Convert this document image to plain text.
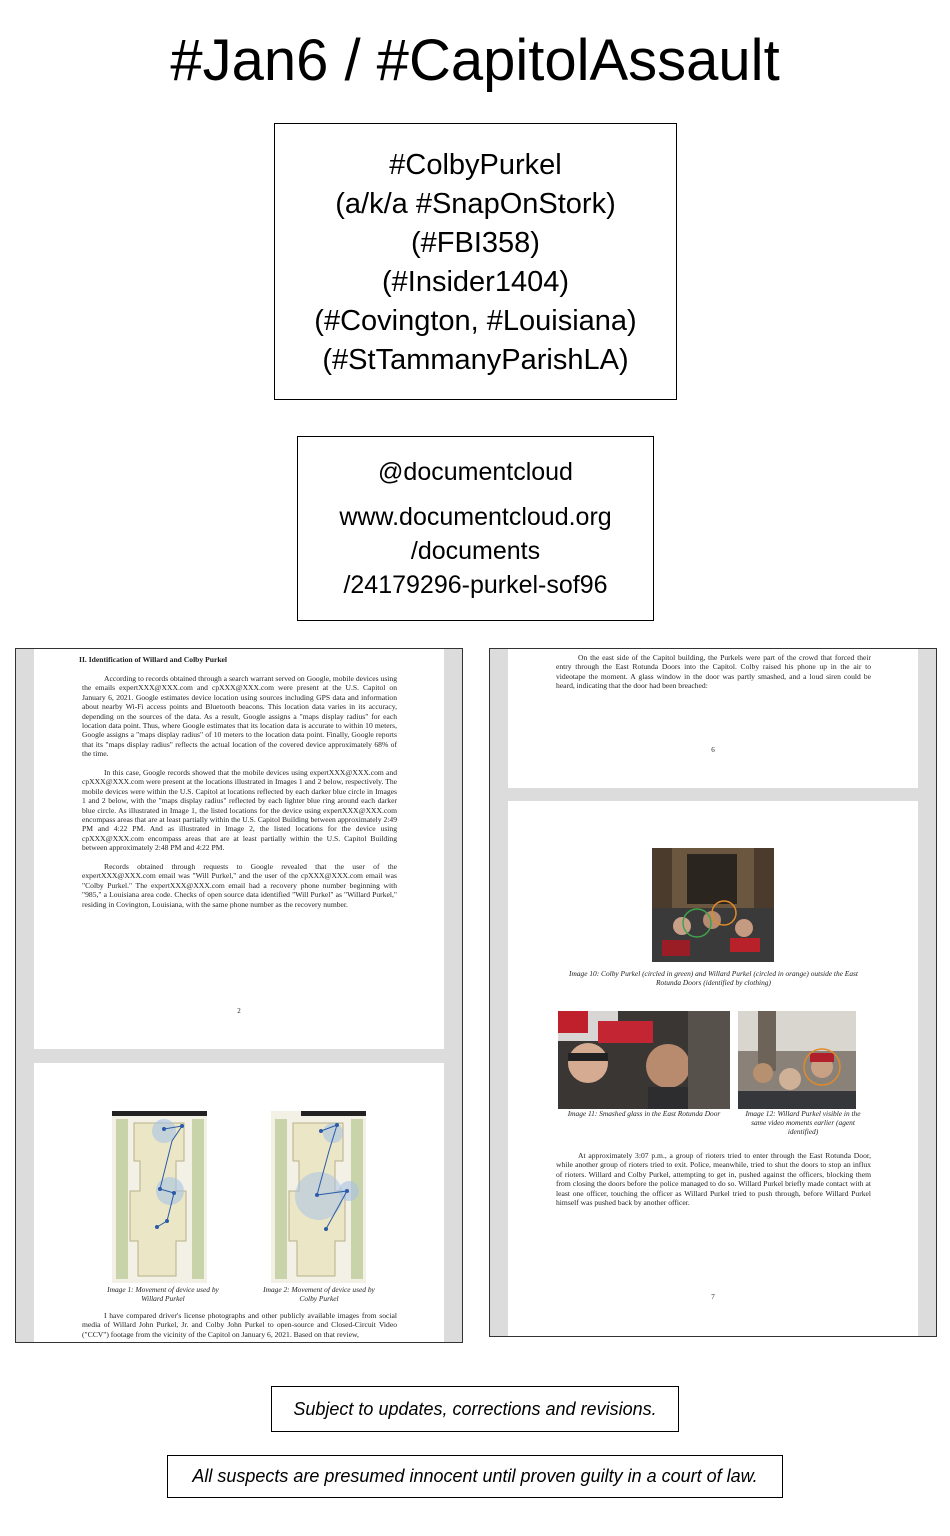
#Jan6 / #CapitolAssault
#ColbyPurkel
(a/k/a #SnapOnStork)
(#FBI358)
(#Insider1404)
(#Covington, #Louisiana)
(#StTammanyParishLA)
@documentcloud
www.documentcloud.org
/documents
/24179296-purkel-sof96
II. Identification of Willard and Colby Purkel
According to records obtained through a search warrant served on Google, mobile devices using the emails expertXXX@XXX.com and cpXXX@XXX.com were present at the U.S. Capitol on January 6, 2021. Google estimates device location using sources including GPS data and information about nearby Wi-Fi access points and Bluetooth beacons. This location data varies in its accuracy, depending on the sources of the data. As a result, Google assigns a "maps display radius" for each location data point. Thus, where Google estimates that its location data is accurate to within 10 meters, Google assigns a "maps display radius" of 10 meters to the location data point. Finally, Google reports that its "maps display radius" reflects the actual location of the covered device approximately 68% of the time.
In this case, Google records showed that the mobile devices using expertXXX@XXX.com and cpXXX@XXX.com were present at the locations illustrated in Images 1 and 2 below, respectively. The mobile devices were within the U.S. Capitol at locations reflected by each darker blue circle in Images 1 and 2 below, with the "maps display radius" reflected by each lighter blue ring around each darker blue circle. As illustrated in Image 1, the listed locations for the device using expertXXX@XXX.com encompass areas that are at least partially within the U.S. Capitol Building between approximately 2:49 PM and 4:22 PM. And as illustrated in Image 2, the listed locations for the device using cpXXX@XXX.com encompass areas that are at least partially within the U.S. Capitol Building between approximately 2:48 PM and 4:22 PM.
Records obtained through requests to Google revealed that the user of the expertXXX@XXX.com email was "Will Purkel," and the user of the cpXXX@XXX.com email was "Colby Purkel." The expertXXX@XXX.com email had a recovery phone number beginning with "985," a Louisiana area code. Checks of open source data identified "Will Purkel" as "Willard Purkel," residing in Covington, Louisiana, with the same phone number as the recovery number.
2
Image 1: Movement of device used by Willard Purkel
Image 2: Movement of device used by Colby Purkel
I have compared driver's license photographs and other publicly available images from social media of Willard John Purkel, Jr. and Colby John Purkel to open-source and Closed-Circuit Video ("CCV") footage from the vicinity of the Capitol on January 6, 2021. Based on that review,
On the east side of the Capitol building, the Purkels were part of the crowd that forced their entry through the East Rotunda Doors into the Capitol. Colby raised his phone up in the air to videotape the moment. A glass window in the door was partly smashed, and a loud siren could be heard, indicating that the door had been breached:
6
Image 10: Colby Purkel (circled in green) and Willard Purkel (circled in orange) outside the East Rotunda Doors (identified by clothing)
Image 11: Smashed glass in the East Rotunda Door	Image 12: Willard Purkel visible in the same video moments earlier (agent identified)
At approximately 3:07 p.m., a group of rioters tried to enter through the East Rotunda Door, while another group of rioters tried to exit. Police, meanwhile, tried to shut the doors to stop an influx of rioters. Willard and Colby Purkel, attempting to get in, pushed against the officers, blocking them from closing the doors before the police managed to do so. Willard Purkel briefly made contact with at least one officer, touching the officer as Willard Purkel tried to push through, before Willard Purkel himself was pushed back by another officer.
7
Subject to updates, corrections and revisions.
All suspects are presumed innocent until proven guilty in a court of law.
